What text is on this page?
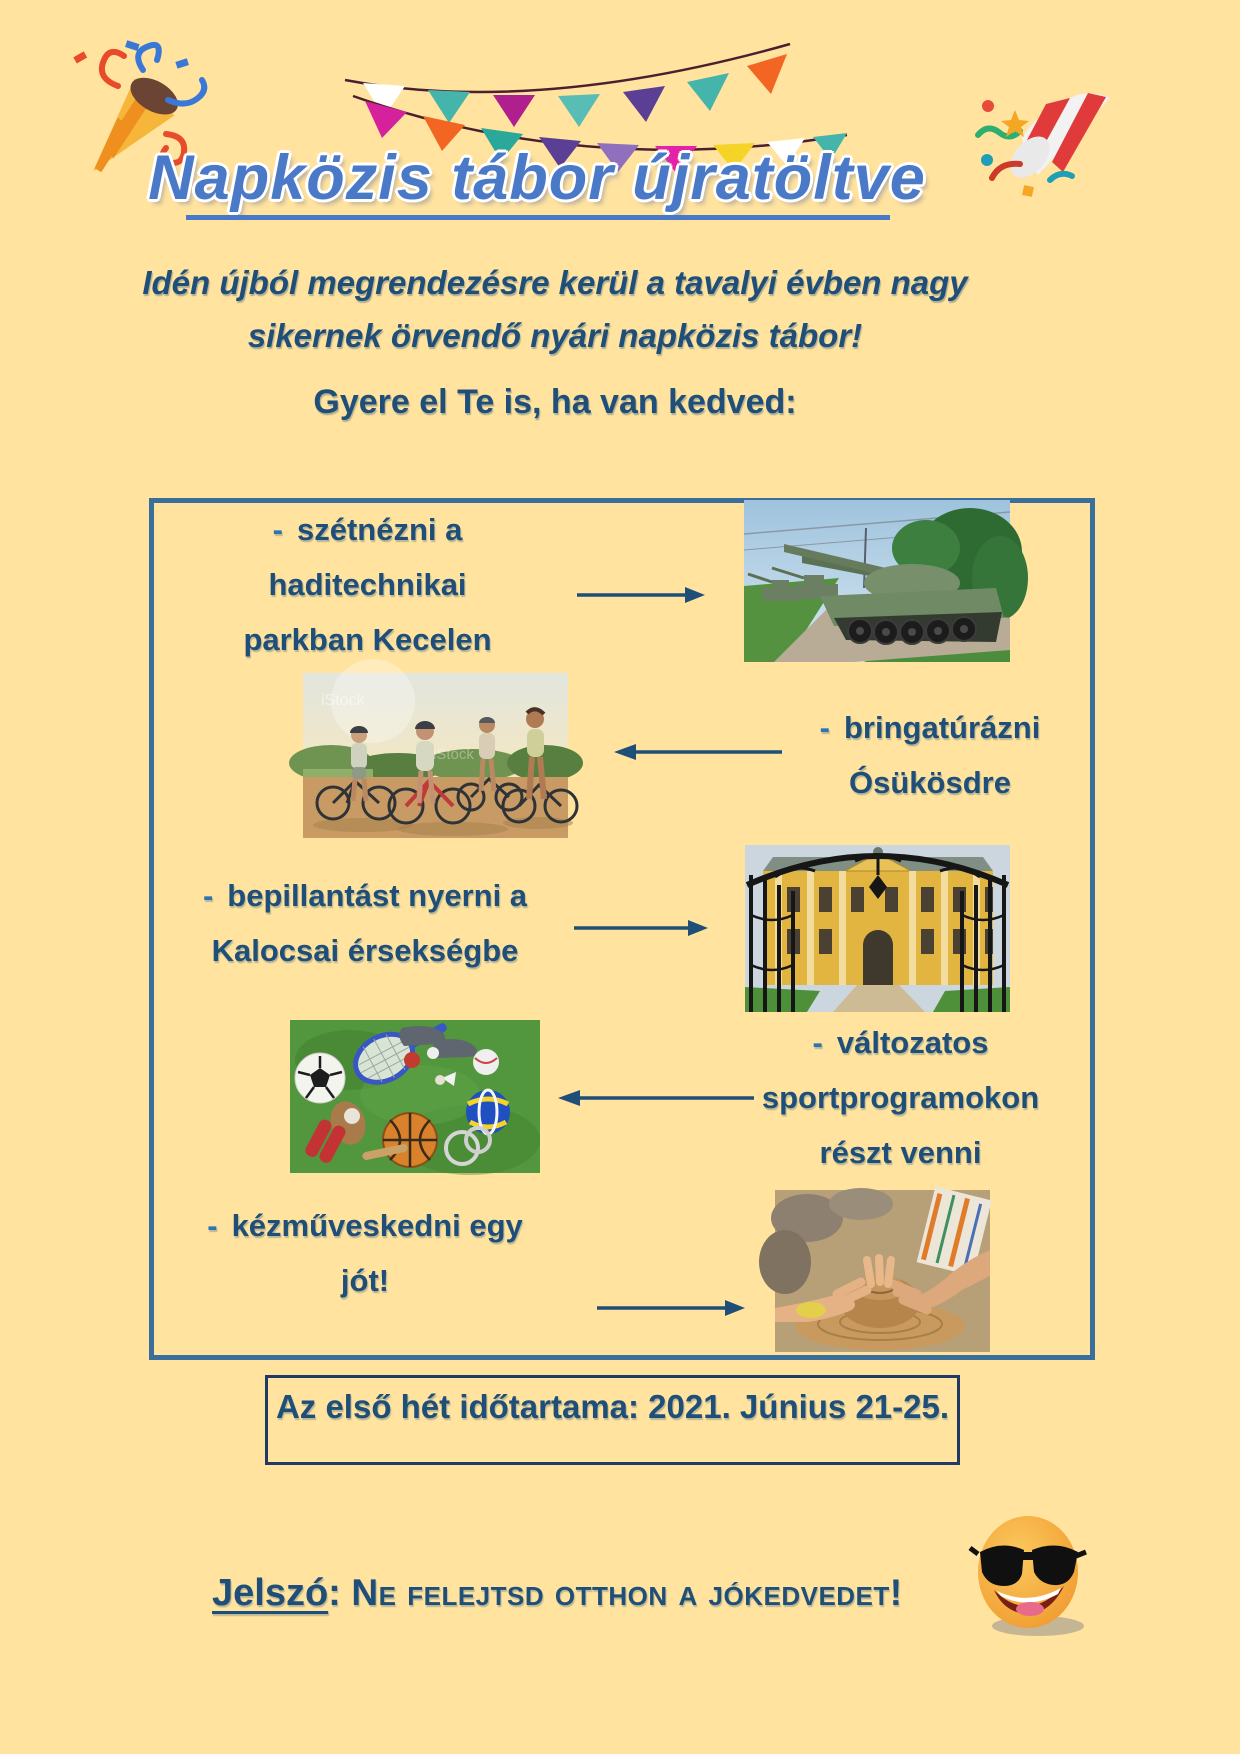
Napközis tábor újratöltve
Idén újból megrendezésre kerül a tavalyi évben nagy
sikernek örvendő nyári napközis tábor!
Gyere el Te is, ha van kedved:
- szétnézni a
haditechnikai
parkban Kecelen
- bringatúrázni
Ósükösdre
- bepillantást nyerni a
Kalocsai érsekségbe
- változatos
sportprogramokon
részt venni
- kézműveskedni egy
jót!
iStock
iStock
Az első hét időtartama: 2021. Június 21-25.
Jelszó: Ne felejtsd otthon a jókedvedet!
